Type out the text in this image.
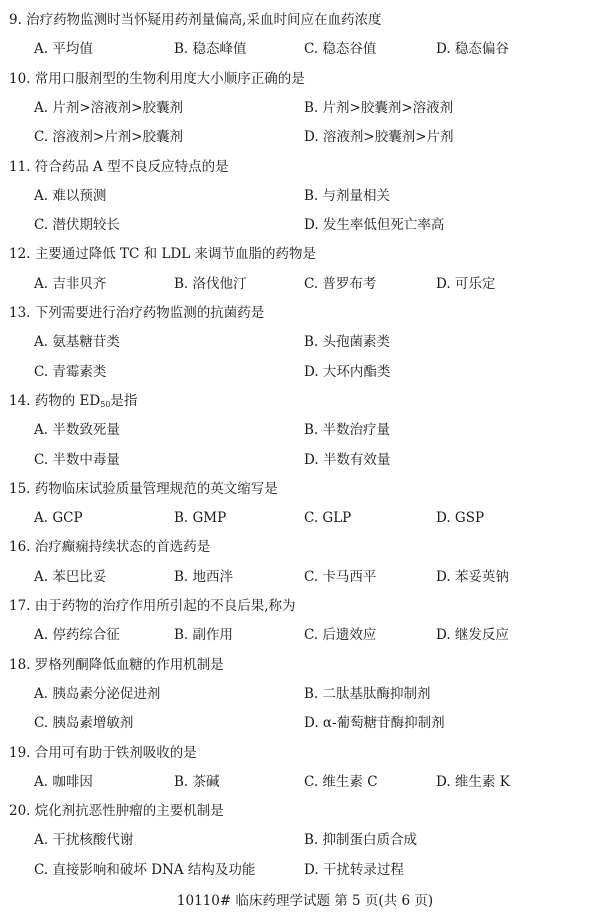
9. 治疗药物监测时当怀疑用药剂量偏高,采血时间应在血药浓度
A. 平均值	B. 稳态峰值	C. 稳态谷值	D. 稳态偏谷
10. 常用口服剂型的生物利用度大小顺序正确的是
A. 片剂>溶液剂>胶囊剂	B. 片剂>胶囊剂>溶液剂
C. 溶液剂>片剂>胶囊剂	D. 溶液剂>胶囊剂>片剂
11. 符合药品 A 型不良反应特点的是
A. 难以预测	B. 与剂量相关
C. 潜伏期较长	D. 发生率低但死亡率高
12. 主要通过降低 TC 和 LDL 来调节血脂的药物是
A. 吉非贝齐	B. 洛伐他汀	C. 普罗布考	D. 可乐定
13. 下列需要进行治疗药物监测的抗菌药是
A. 氨基糖苷类	B. 头孢菌素类
C. 青霉素类	D. 大环内酯类
14. 药物的 $ED_{50}$是指
A. 半数致死量	B. 半数治疗量
C. 半数中毒量	D. 半数有效量
15. 药物临床试验质量管理规范的英文缩写是
A. GCP	B. GMP	C. GLP	D. GSP
16. 治疗癫痫持续状态的首选药是
A. 苯巴比妥	B. 地西泮	C. 卡马西平	D. 苯妥英钠
17. 由于药物的治疗作用所引起的不良后果,称为
A. 停药综合征	B. 副作用	C. 后遗效应	D. 继发反应
18. 罗格列酮降低血糖的作用机制是
A. 胰岛素分泌促进剂	B. 二肽基肽酶抑制剂
C. 胰岛素增敏剂	D. α-葡萄糖苷酶抑制剂
19. 合用可有助于铁剂吸收的是
A. 咖啡因	B. 茶碱	C. 维生素 C	D. 维生素 K
20. 烷化剂抗恶性肿瘤的主要机制是
A. 干扰核酸代谢	B. 抑制蛋白质合成
C. 直接影响和破坏 DNA 结构及功能	D. 干扰转录过程
10110# 临床药理学试题 第 5 页(共 6 页)
